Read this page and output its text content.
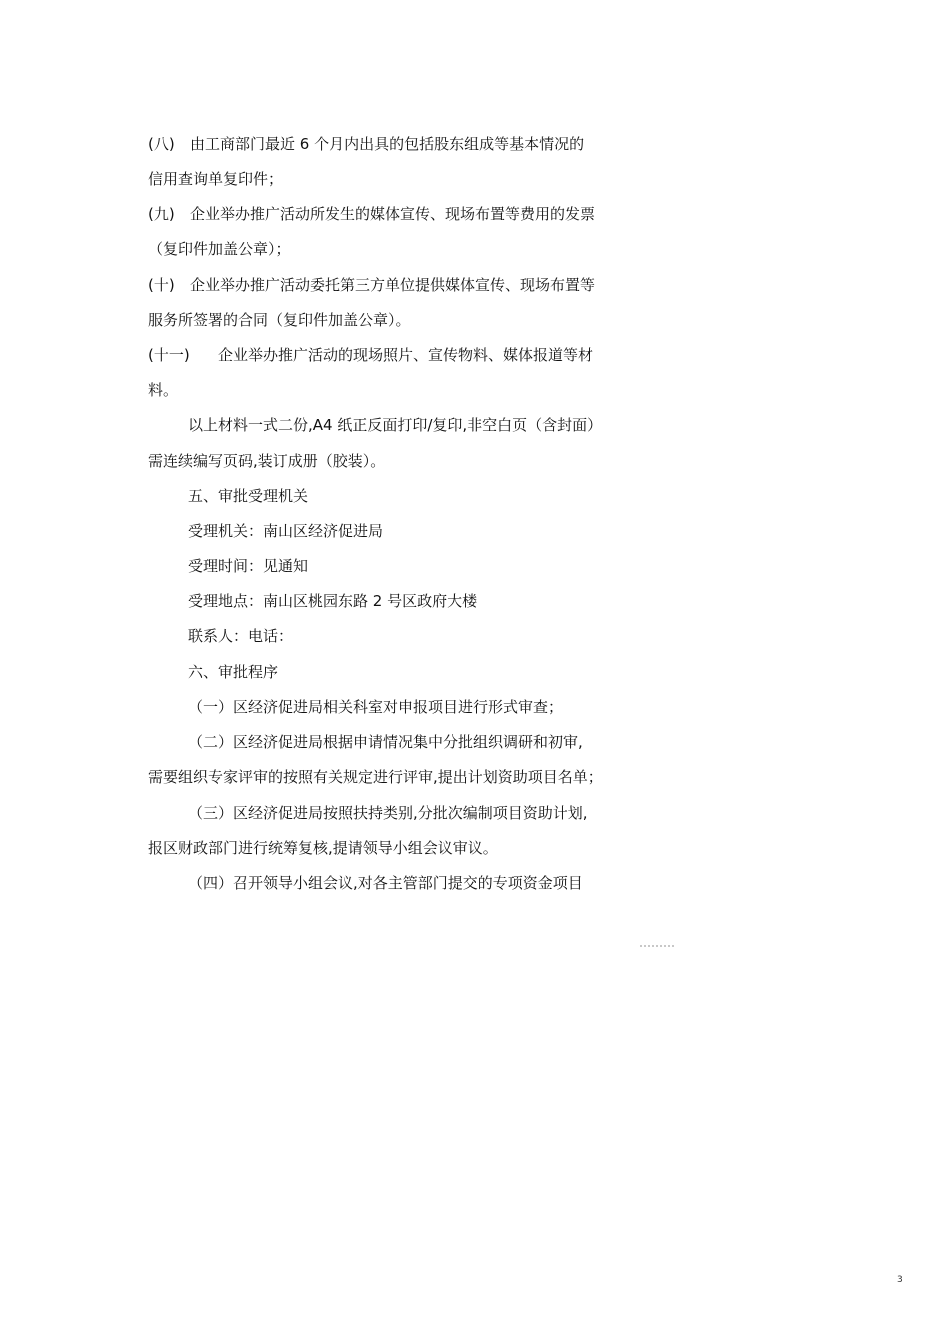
(八) 由工商部门最近 6 个月内出具的包括股东组成等基本情况的
信用查询单复印件；
(九) 企业举办推广活动所发生的媒体宣传、现场布置等费用的发票
（复印件加盖公章）；
(十) 企业举办推广活动委托第三方单位提供媒体宣传、现场布置等
服务所签署的合同（复印件加盖公章）。
(十一) 企业举办推广活动的现场照片、宣传物料、媒体报道等材
料。
以上材料一式二份,A4 纸正反面打印/复印,非空白页（含封面）
需连续编写页码,装订成册（胶装）。
五、审批受理机关
受理机关：南山区经济促进局
受理时间：见通知
受理地点：南山区桃园东路 2 号区政府大楼
联系人：电话：
六、审批程序
（一）区经济促进局相关科室对申报项目进行形式审查；
（二）区经济促进局根据申请情况集中分批组织调研和初审,
需要组织专家评审的按照有关规定进行评审,提出计划资助项目名单；
（三）区经济促进局按照扶持类别,分批次编制项目资助计划,
报区财政部门进行统筹复核,提请领导小组会议审议。
（四）召开领导小组会议,对各主管部门提交的专项资金项目
3
